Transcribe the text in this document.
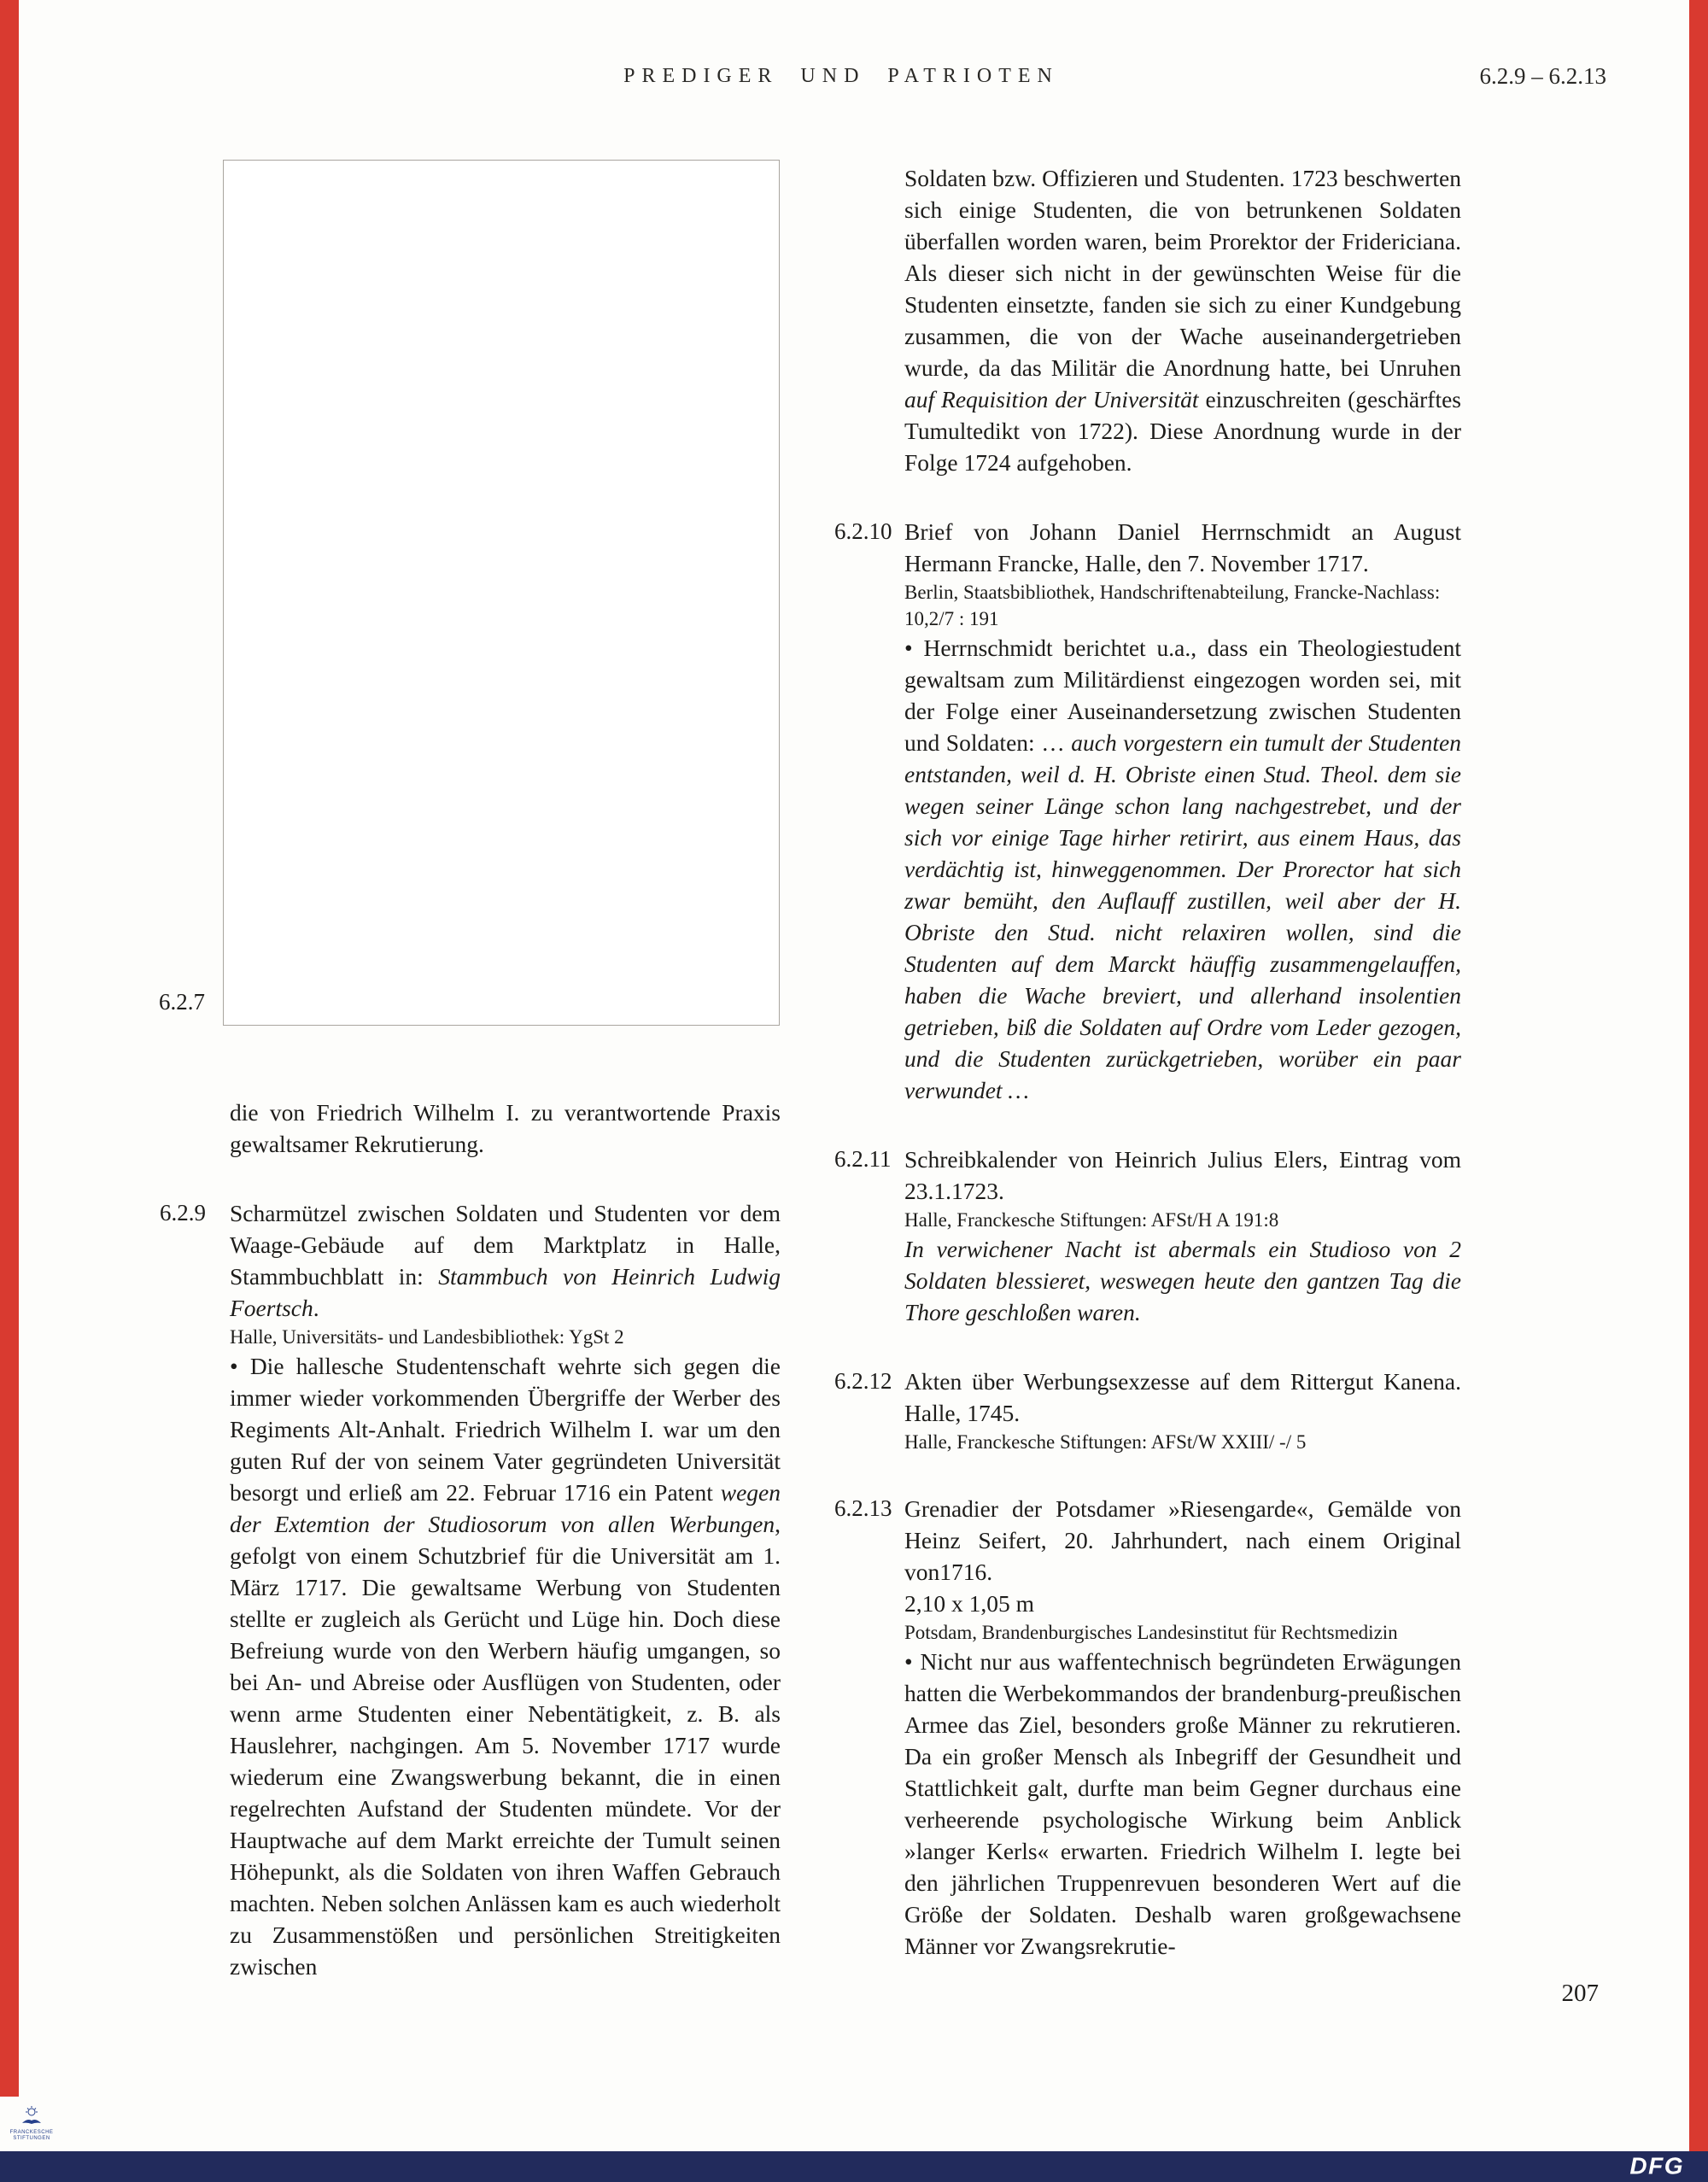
PREDIGER UND PATRIOTEN	6.2.9 – 6.2.13
6.2.7

die von Friedrich Wilhelm I. zu verantwortende Praxis gewaltsamer Rekrutierung.

6.2.9	Scharmützel zwischen Soldaten und Studenten vor dem Waage-Gebäude auf dem Marktplatz in Halle, Stammbuchblatt in: Stammbuch von Heinrich Ludwig Foertsch.

Halle, Universitäts- und Landesbibliothek: YgSt 2

• Die hallesche Studentenschaft wehrte sich gegen die immer wieder vorkommenden Übergriffe der Werber des Regiments Alt-Anhalt. Friedrich Wilhelm I. war um den guten Ruf der von seinem Vater gegründeten Universität besorgt und erließ am 22. Februar 1716 ein Patent wegen der Extemtion der Studiosorum von allen Werbungen, gefolgt von einem Schutzbrief für die Universität am 1. März 1717. Die gewaltsame Werbung von Studenten stellte er zugleich als Gerücht und Lüge hin. Doch diese Befreiung wurde von den Werbern häufig umgangen, so bei An- und Abreise oder Ausflügen von Studenten, oder wenn arme Studenten einer Nebentätigkeit, z. B. als Hauslehrer, nachgingen. Am 5. November 1717 wurde wiederum eine Zwangswerbung bekannt, die in einen regelrechten Aufstand der Studenten mündete. Vor der Hauptwache auf dem Markt erreichte der Tumult seinen Höhepunkt, als die Soldaten von ihren Waffen Gebrauch machten. Neben solchen Anlässen kam es auch wiederholt zu Zusammenstößen und persönlichen Streitigkeiten zwischen

Soldaten bzw. Offizieren und Studenten. 1723 beschwerten sich einige Studenten, die von betrunkenen Soldaten überfallen worden waren, beim Prorektor der Fridericiana. Als dieser sich nicht in der gewünschten Weise für die Studenten einsetzte, fanden sie sich zu einer Kundgebung zusammen, die von der Wache auseinandergetrieben wurde, da das Militär die Anordnung hatte, bei Unruhen auf Requisition der Universität einzuschreiten (geschärftes Tumultedikt von 1722). Diese Anordnung wurde in der Folge 1724 aufgehoben.

6.2.10 Brief von Johann Daniel Herrnschmidt an August Hermann Francke, Halle, den 7. November 1717.

Berlin, Staatsbibliothek, Handschriftenabteilung, Francke-Nachlass: 10,2/7 : 191

• Herrnschmidt berichtet u.a., dass ein Theologiestudent gewaltsam zum Militärdienst eingezogen worden sei, mit der Folge einer Auseinandersetzung zwischen Studenten und Soldaten: … auch vorgestern ein tumult der Studenten entstanden, weil d. H. Obriste einen Stud. Theol. dem sie wegen seiner Länge schon lang nachgestrebet, und der sich vor einige Tage hirher retirirt, aus einem Haus, das verdächtig ist, hinweggenommen. Der Prorector hat sich zwar bemüht, den Auflauff zustillen, weil aber der H. Obriste den Stud. nicht relaxiren wollen, sind die Studenten auf dem Marckt häuffig zusammengelauffen, haben die Wache breviert, und allerhand insolentien getrieben, biß die Soldaten auf Ordre vom Leder gezogen, und die Studenten zurückgetrieben, worüber ein paar verwundet …

6.2.11 Schreibkalender von Heinrich Julius Elers, Eintrag vom 23.1.1723.

Halle, Franckesche Stiftungen: AFSt/H A 191:8

In verwichener Nacht ist abermals ein Studioso von 2 Soldaten blessieret, weswegen heute den gantzen Tag die Thore geschloßen waren.

6.2.12 Akten über Werbungsexzesse auf dem Rittergut Kanena. Halle, 1745.

Halle, Franckesche Stiftungen: AFSt/W XXIII/ -/ 5

6.2.13 Grenadier der Potsdamer »Riesengarde«, Gemälde von Heinz Seifert, 20. Jahrhundert, nach einem Original von1716.

2,10 x 1,05 m

Potsdam, Brandenburgisches Landesinstitut für Rechtsmedizin

• Nicht nur aus waffentechnisch begründeten Erwägungen hatten die Werbekommandos der brandenburg-preußischen Armee das Ziel, besonders große Männer zu rekrutieren. Da ein großer Mensch als Inbegriff der Gesundheit und Stattlichkeit galt, durfte man beim Gegner durchaus eine verheerende psychologische Wirkung beim Anblick »langer Kerls« erwarten. Friedrich Wilhelm I. legte bei den jährlichen Truppenrevuen besonderen Wert auf die Größe der Soldaten. Deshalb waren großgewachsene Männer vor Zwangsrekrutie-

207
FRANCKESCHE
STIFTUNGEN
DFG
